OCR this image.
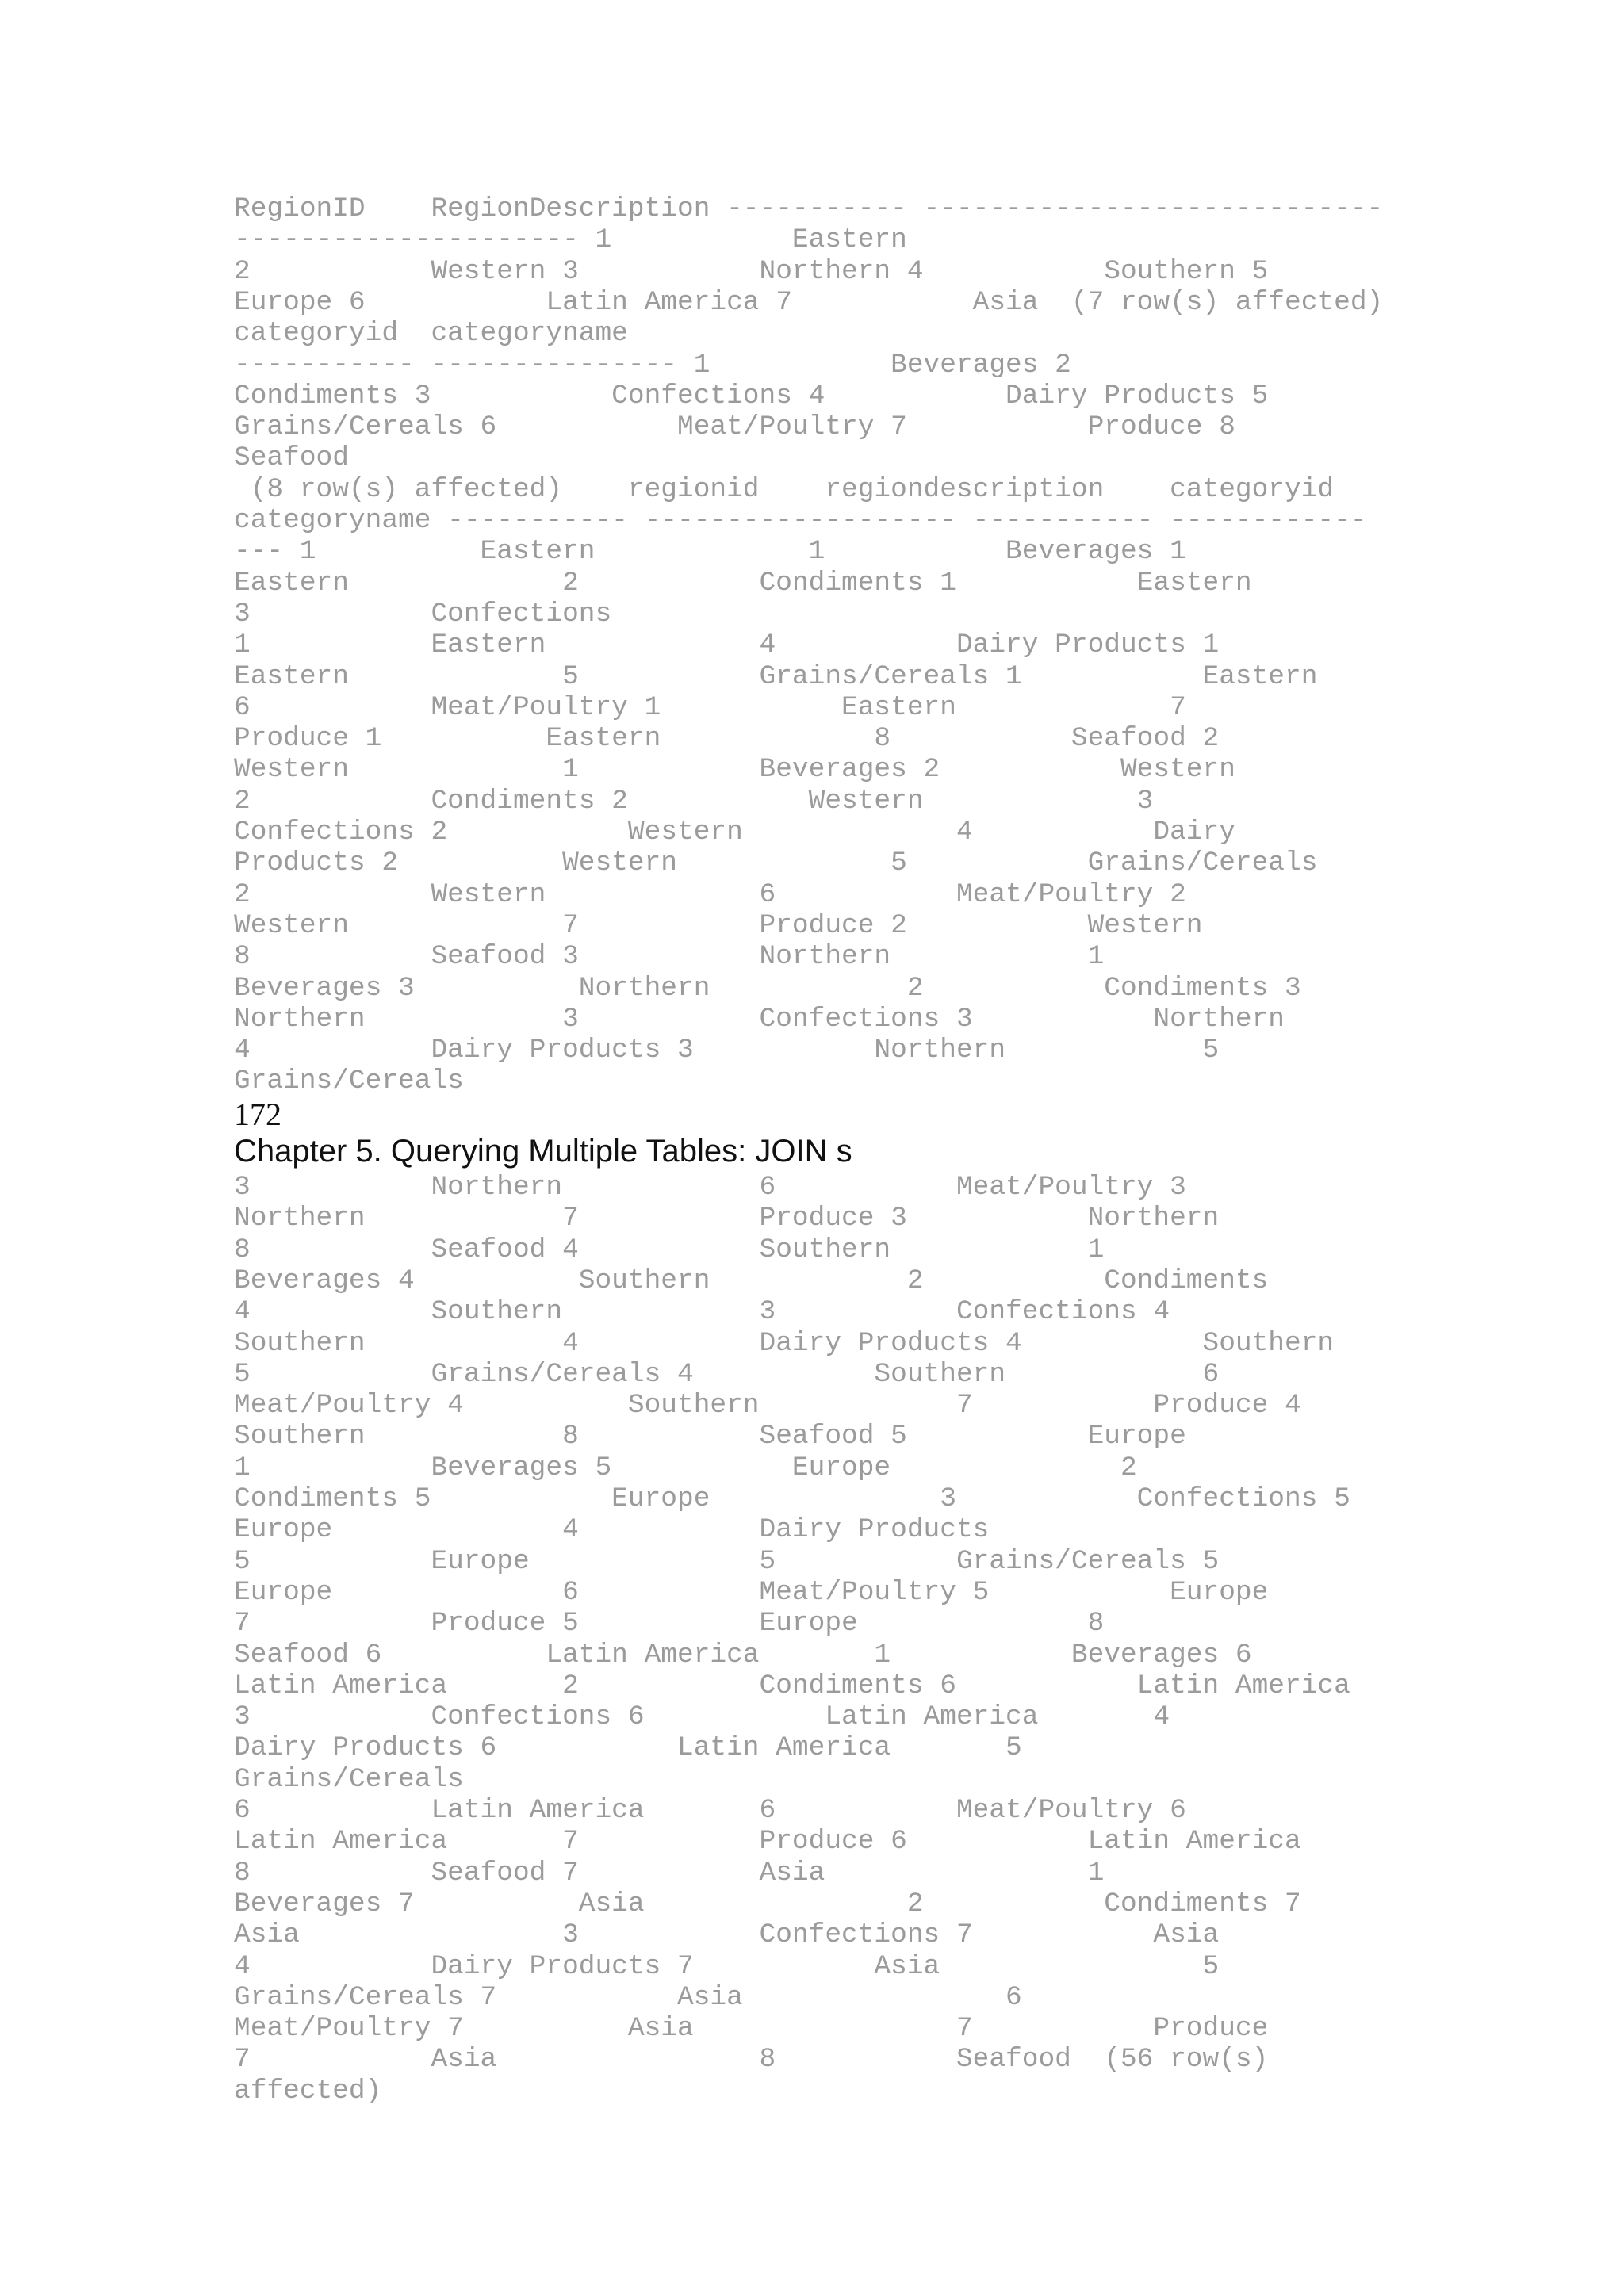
RegionID    RegionDescription ----------- ----------------------------

--------------------- 1           Eastern

2           Western 3           Northern 4           Southern 5

Europe 6           Latin America 7           Asia  (7 row(s) affected)

categoryid  categoryname

----------- --------------- 1           Beverages 2

Condiments 3           Confections 4           Dairy Products 5

Grains/Cereals 6           Meat/Poultry 7           Produce 8

Seafood

(8 row(s) affected)    regionid    regiondescription    categoryid

categoryname ----------- ------------------- ----------- ------------

--- 1          Eastern             1           Beverages 1

Eastern             2           Condiments 1           Eastern

3           Confections

1           Eastern             4           Dairy Products 1

Eastern             5           Grains/Cereals 1           Eastern

6           Meat/Poultry 1           Eastern             7

Produce 1          Eastern             8           Seafood 2

Western             1           Beverages 2           Western

2           Condiments 2           Western             3

Confections 2           Western             4           Dairy

Products 2          Western             5           Grains/Cereals

2           Western             6           Meat/Poultry 2

Western             7           Produce 2           Western

8           Seafood 3           Northern            1

Beverages 3          Northern            2           Condiments 3

Northern            3           Confections 3           Northern

4           Dairy Products 3           Northern            5

Grains/Cereals

172

Chapter 5. Querying Multiple Tables: JOIN s

3           Northern            6           Meat/Poultry 3

Northern            7           Produce 3           Northern

8           Seafood 4           Southern            1

Beverages 4          Southern            2           Condiments

4           Southern            3           Confections 4

Southern            4           Dairy Products 4           Southern

5           Grains/Cereals 4           Southern            6

Meat/Poultry 4          Southern            7           Produce 4

Southern            8           Seafood 5           Europe

1           Beverages 5           Europe              2

Condiments 5           Europe              3           Confections 5

Europe              4           Dairy Products

5           Europe              5           Grains/Cereals 5

Europe              6           Meat/Poultry 5           Europe

7           Produce 5           Europe              8

Seafood 6          Latin America       1           Beverages 6

Latin America       2           Condiments 6           Latin America

3           Confections 6           Latin America       4

Dairy Products 6           Latin America       5

Grains/Cereals

6           Latin America       6           Meat/Poultry 6

Latin America       7           Produce 6           Latin America

8           Seafood 7           Asia                1

Beverages 7          Asia                2           Condiments 7

Asia                3           Confections 7           Asia

4           Dairy Products 7           Asia                5

Grains/Cereals 7           Asia                6

Meat/Poultry 7          Asia                7           Produce

7           Asia                8           Seafood  (56 row(s)

affected)
